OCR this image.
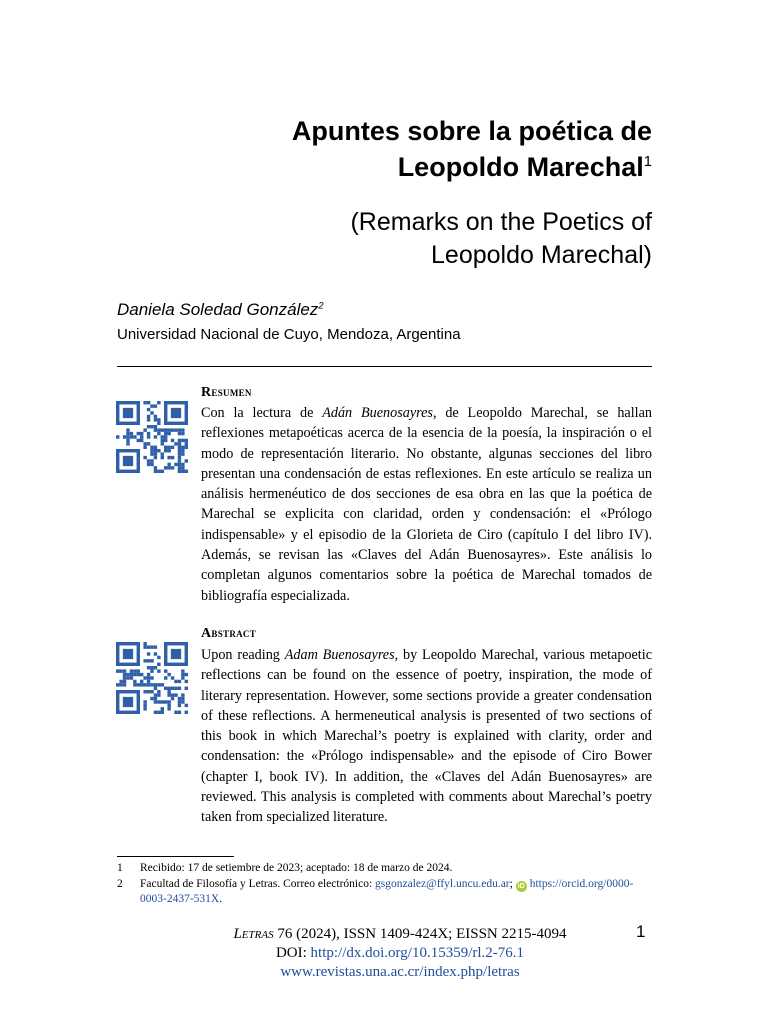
Apuntes sobre la poética de
Leopoldo Marechal$^1$
(Remarks on the Poetics of
Leopoldo Marechal)
Daniela Soledad González$^2$
Universidad Nacional de Cuyo, Mendoza, Argentina
Resumen
Con la lectura de Adán Buenosayres, de Leopoldo Marechal, se hallan reflexiones metapoéticas acerca de la esencia de la poesía, la inspiración o el modo de representación literario. No obstante, algunas secciones del libro presentan una condensación de estas reflexiones. En este artículo se realiza un análisis hermenéutico de dos secciones de esa obra en las que la poética de Marechal se explicita con claridad, orden y condensación: el «Prólogo indispensable» y el episodio de la Glorieta de Ciro (capítulo I del libro IV). Además, se revisan las «Claves del Adán Buenosayres». Este análisis lo completan algunos comentarios sobre la poética de Marechal tomados de bibliografía especializada.
Abstract
Upon reading Adam Buenosayres, by Leopoldo Marechal, various metapoetic reflections can be found on the essence of poetry, inspiration, the mode of literary representation. However, some sections provide a greater condensation of these reflections. A hermeneutical analysis is presented of two sections of this book in which Marechal’s poetry is explained with clarity, order and condensation: the «Prólogo indispensable» and the episode of Ciro Bower (chapter I, book IV). In addition, the «Claves del Adán Buenosayres» are reviewed. This analysis is completed with comments about Marechal’s poetry taken from specialized literature.
1 Recibido: 17 de setiembre de 2023; aceptado: 18 de marzo de 2024.
2 Facultad de Filosofía y Letras. Correo electrónico: gsgonzalez@ffyl.uncu.edu.ar; iD https://orcid.org/0000-0003-2437-531X.
Letras 76 (2024), ISSN 1409-424X; EISSN 2215-4094
DOI: http://dx.doi.org/10.15359/rl.2-76.1
www.revistas.una.ac.cr/index.php/letras
1
